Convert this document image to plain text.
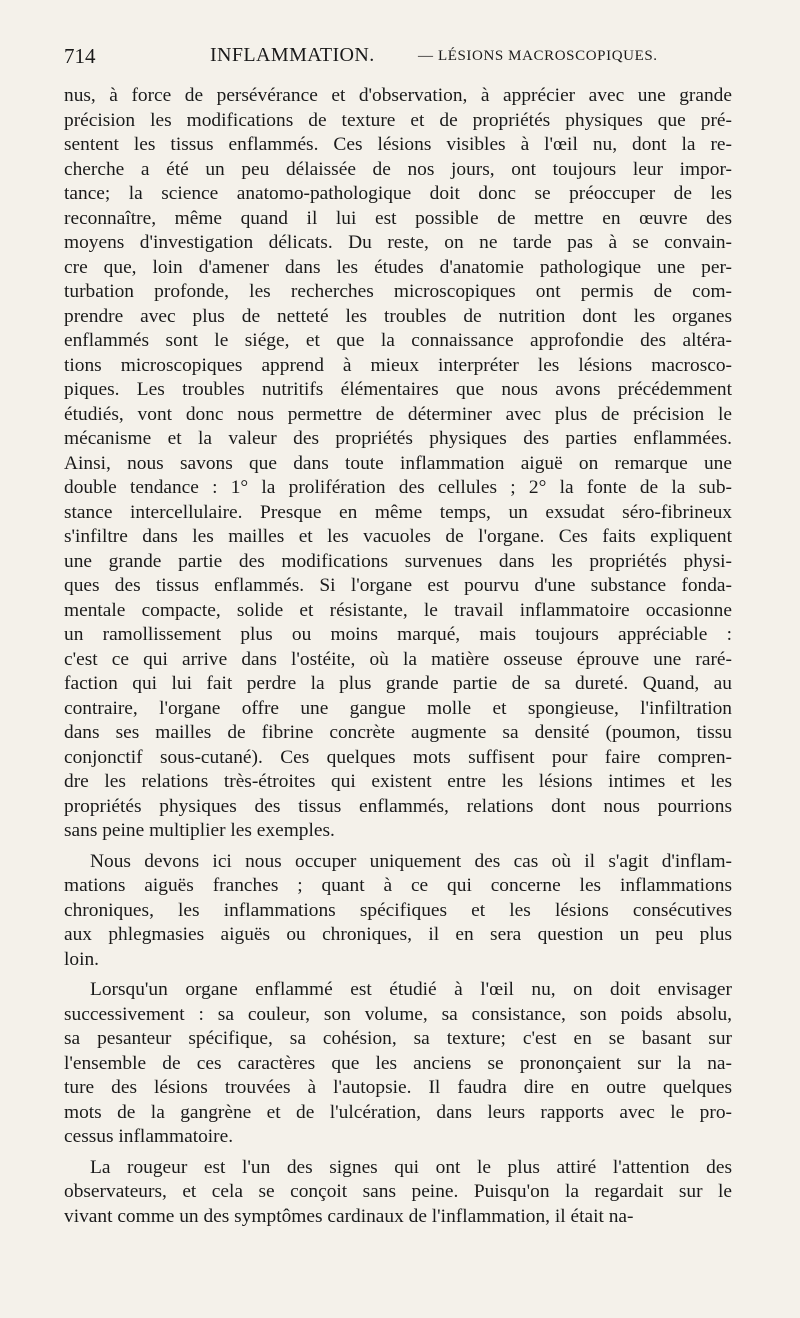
714	INFLAMMATION.	— LÉSIONS MACROSCOPIQUES.
nus, à force de persévérance et d'observation, à apprécier avec une grande
précision les modifications de texture et de propriétés physiques que pré-
sentent les tissus enflammés. Ces lésions visibles à l'œil nu, dont la re-
cherche a été un peu délaissée de nos jours, ont toujours leur impor-
tance; la science anatomo-pathologique doit donc se préoccuper de les
reconnaître, même quand il lui est possible de mettre en œuvre des
moyens d'investigation délicats. Du reste, on ne tarde pas à se convain-
cre que, loin d'amener dans les études d'anatomie pathologique une per-
turbation profonde, les recherches microscopiques ont permis de com-
prendre avec plus de netteté les troubles de nutrition dont les organes
enflammés sont le siége, et que la connaissance approfondie des altéra-
tions microscopiques apprend à mieux interpréter les lésions macrosco-
piques. Les troubles nutritifs élémentaires que nous avons précédemment
étudiés, vont donc nous permettre de déterminer avec plus de précision le
mécanisme et la valeur des propriétés physiques des parties enflammées.
Ainsi, nous savons que dans toute inflammation aiguë on remarque une
double tendance : 1° la prolifération des cellules ; 2° la fonte de la sub-
stance intercellulaire. Presque en même temps, un exsudat séro-fibrineux
s'infiltre dans les mailles et les vacuoles de l'organe. Ces faits expliquent
une grande partie des modifications survenues dans les propriétés physi-
ques des tissus enflammés. Si l'organe est pourvu d'une substance fonda-
mentale compacte, solide et résistante, le travail inflammatoire occasionne
un ramollissement plus ou moins marqué, mais toujours appréciable :
c'est ce qui arrive dans l'ostéite, où la matière osseuse éprouve une raré-
faction qui lui fait perdre la plus grande partie de sa dureté. Quand, au
contraire, l'organe offre une gangue molle et spongieuse, l'infiltration
dans ses mailles de fibrine concrète augmente sa densité (poumon, tissu
conjonctif sous-cutané). Ces quelques mots suffisent pour faire compren-
dre les relations très-étroites qui existent entre les lésions intimes et les
propriétés physiques des tissus enflammés, relations dont nous pourrions
sans peine multiplier les exemples.
Nous devons ici nous occuper uniquement des cas où il s'agit d'inflam-
mations aiguës franches ; quant à ce qui concerne les inflammations
chroniques, les inflammations spécifiques et les lésions consécutives
aux phlegmasies aiguës ou chroniques, il en sera question un peu plus
loin.
Lorsqu'un organe enflammé est étudié à l'œil nu, on doit envisager
successivement : sa couleur, son volume, sa consistance, son poids absolu,
sa pesanteur spécifique, sa cohésion, sa texture; c'est en se basant sur
l'ensemble de ces caractères que les anciens se prononçaient sur la na-
ture des lésions trouvées à l'autopsie. Il faudra dire en outre quelques
mots de la gangrène et de l'ulcération, dans leurs rapports avec le pro-
cessus inflammatoire.
La rougeur est l'un des signes qui ont le plus attiré l'attention des
observateurs, et cela se conçoit sans peine. Puisqu'on la regardait sur le
vivant comme un des symptômes cardinaux de l'inflammation, il était na-
